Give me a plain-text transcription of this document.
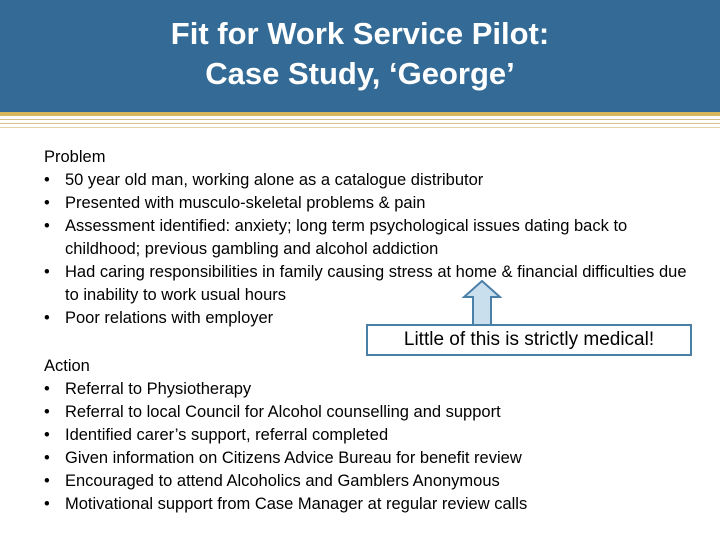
Fit for Work Service Pilot:
Case Study, ‘George’

Problem

• 50 year old man, working alone as a catalogue distributor
• Presented with musculo-skeletal problems & pain
• Assessment identified: anxiety; long term psychological issues dating back to childhood; previous gambling and alcohol addiction
• Had caring responsibilities in family causing stress at home & financial difficulties due to inability to work usual hours
• Poor relations with employer
Little of this is strictly medical!

Action

• Referral to Physiotherapy
• Referral to local Council for Alcohol counselling and support
• Identified carer’s support, referral completed
• Given information on Citizens Advice Bureau for benefit review
• Encouraged to attend Alcoholics and Gamblers Anonymous
• Motivational support from Case Manager at regular review calls
